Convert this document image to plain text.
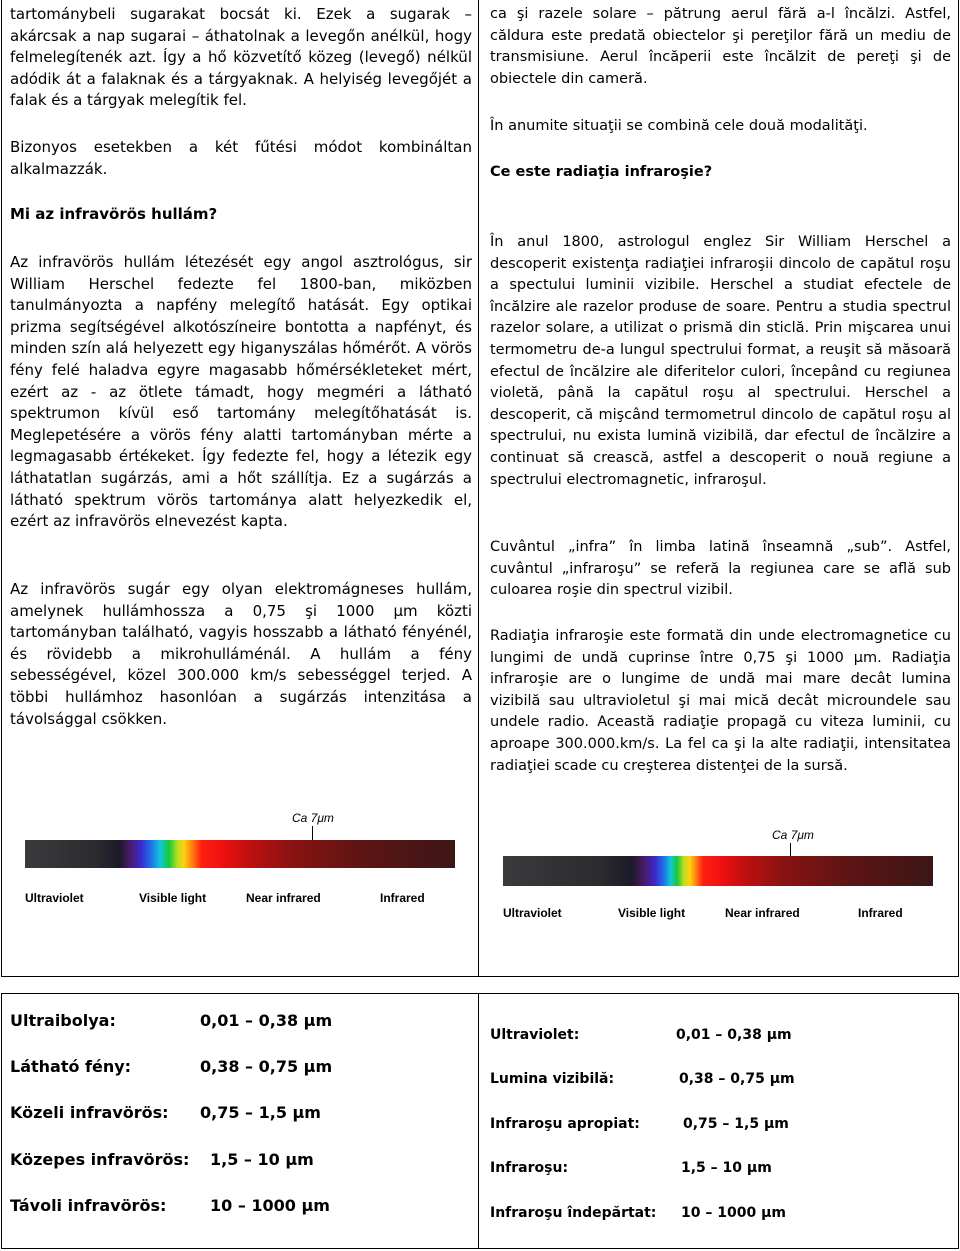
tartománybeli sugarakat bocsát ki. Ezek a sugarak – akárcsak a nap sugarai – áthatolnak a levegőn anélkül, hogy felmelegítenék azt. Így a hő közvetítő közeg (levegő) nélkül adódik át a falaknak és a tárgyaknak. A helyiség levegőjét a falak és a tárgyak melegítik fel.

Bizonyos esetekben a két fűtési módot kombináltan alkalmazzák.

Mi az infravörös hullám?

Az infravörös hullám létezését egy angol asztrológus, sir William Herschel fedezte fel 1800-ban, miközben tanulmányozta a napfény melegítő hatását. Egy optikai prizma segítségével alkotószíneire bontotta a napfényt, és minden szín alá helyezett egy higanyszálas hőmérőt. A vörös fény felé haladva egyre magasabb hőmérsékleteket mért, ezért az - az ötlete támadt, hogy megméri a látható spektrumon kívül eső tartomány melegítőhatását is. Meglepetésére a vörös fény alatti tartományban mérte a legmagasabb értékeket. Így fedezte fel, hogy a létezik egy láthatatlan sugárzás, ami a hőt szállítja. Ez a sugárzás a látható spektrum vörös tartománya alatt helyezkedik el, ezért az infravörös elnevezést kapta.

Az infravörös sugár egy olyan elektromágneses hullám, amelynek hullámhossza a 0,75 şi 1000 μm közti tartományban található, vagyis hosszabb a látható fényénél, és rövidebb a mikrohulláménál. A hullám a fény sebességével, közel 300.000 km/s sebességgel terjed. A többi hullámhoz hasonlóan a sugárzás intenzitása a távolsággal csökken.

Ca 7μm
Ultraviolet	Visible light	Near infrared	Infrared

ca şi razele solare – pătrung aerul fără a-l încălzi. Astfel, căldura este predată obiectelor şi pereţilor fără un mediu de transmisiune. Aerul încăperii este încălzit de pereţi şi de obiectele din cameră.

În anumite situaţii se combină cele două modalităţi.

Ce este radiaţia infraroşie?

În anul 1800, astrologul englez Sir William Herschel a descoperit existenţa radiaţiei infraroşii dincolo de capătul roşu a spectului luminii vizibile. Herschel a studiat efectele de încălzire ale razelor produse de soare. Pentru a studia spectrul razelor solare, a utilizat o prismă din sticlă. Prin mişcarea unui termometru de-a lungul spectrului format, a reuşit să măsoară efectul de încălzire ale diferitelor culori, începând cu regiunea violetă, până la capătul roşu al spectrului. Herschel a descoperit, că mişcând termometrul dincolo de capătul roşu al spectrului, nu exista lumină vizibilă, dar efectul de încălzire a continuat să crească, astfel a descoperit o nouă regiune a spectrului electromagnetic, infraroşul.

Cuvântul „infra” în limba latină înseamnă „sub”. Astfel, cuvântul „infraroşu” se referă la regiunea care se află sub culoarea roşie din spectrul vizibil.

Radiaţia infraroşie este formată din unde electromagnetice cu lungimi de undă cuprinse între 0,75 şi 1000 μm. Radiaţia infraroşie are o lungime de undă mai mare decât lumina vizibilă sau ultravioletul şi mai mică decât microundele sau undele radio. Această radiaţie propagă cu viteza luminii, cu aproape 300.000.km/s. La fel ca şi la alte radiaţii, intensitatea radiaţiei scade cu creşterea distenţei de la sursă.

Ca 7μm
Ultraviolet	Visible light	Near infrared	Infrared
Ultraibolya:	0,01 – 0,38 μm
Látható fény:	0,38 – 0,75 μm
Közeli infravörös: 0,75 – 1,5 μm
Közepes infravörös: 1,5 – 10 μm
Távoli infravörös:	10 – 1000 μm
Ultraviolet:	0,01 – 0,38 μm
Lumina vizibilă:	0,38 – 0,75 μm
Infraroşu apropiat:	0,75 – 1,5 μm
Infraroşu:	1,5 – 10 μm
Infraroşu îndepărtat: 10 – 1000 μm
